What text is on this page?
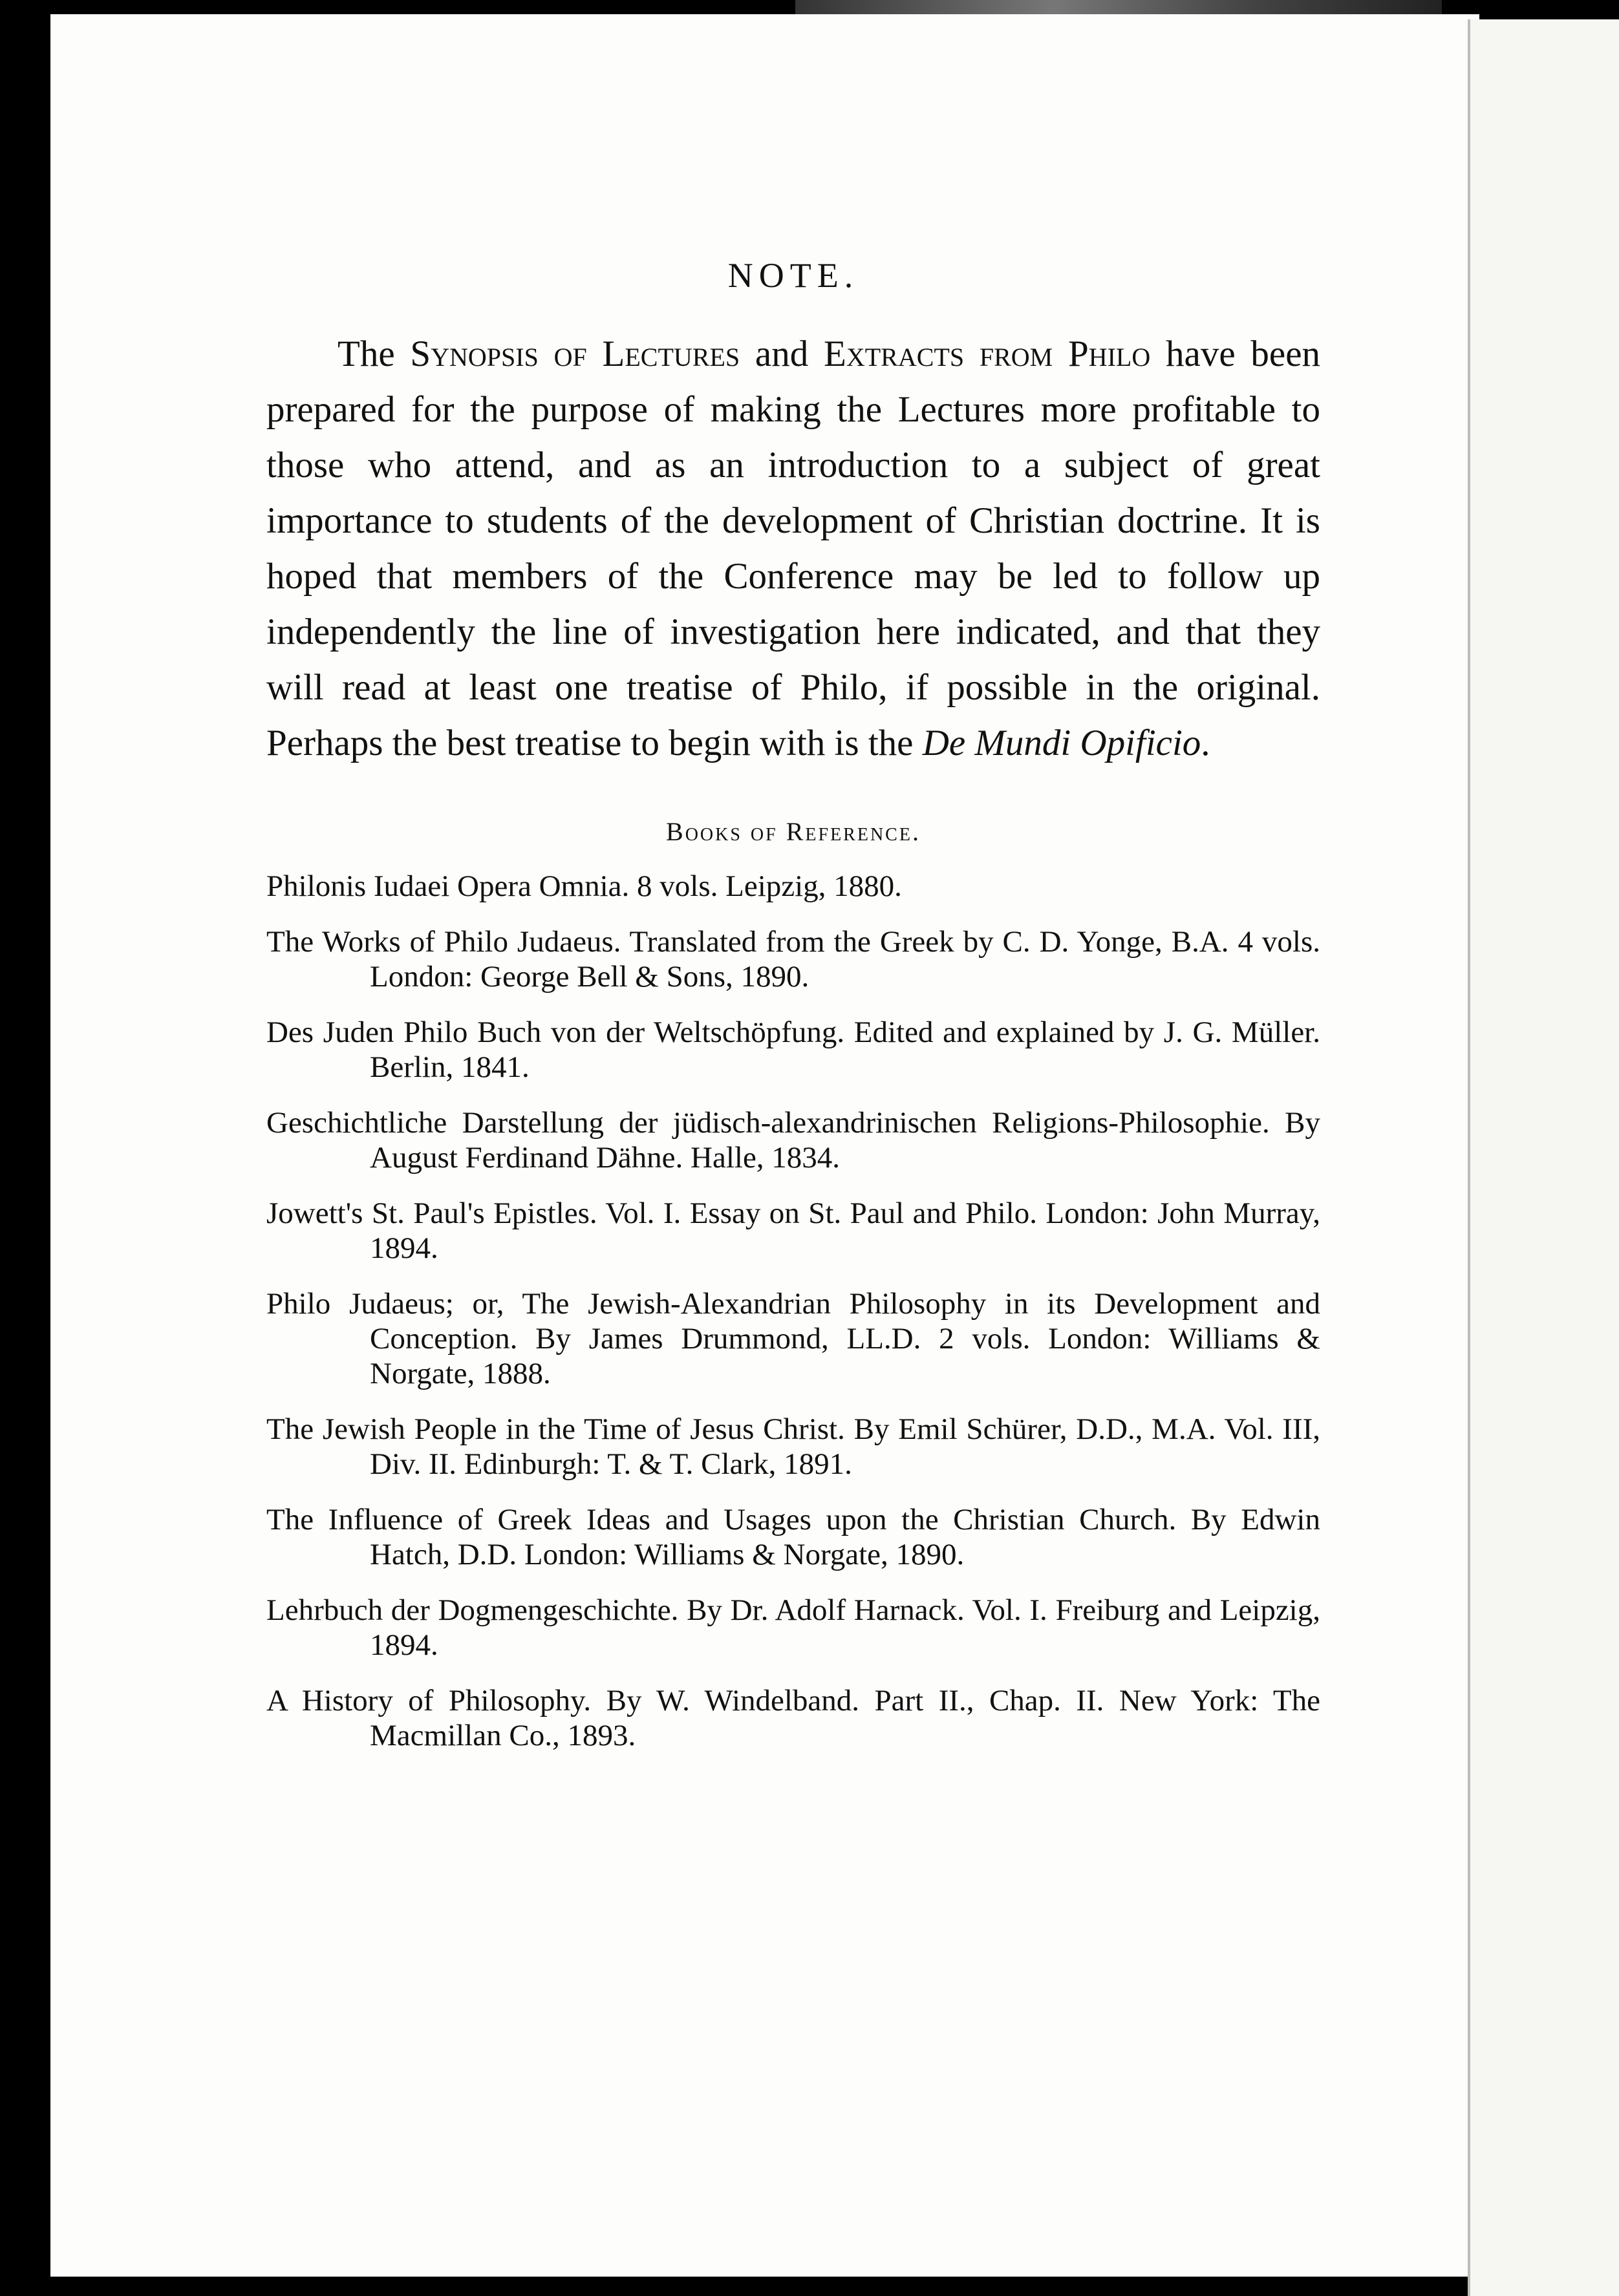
NOTE.

The Synopsis of Lectures and Extracts from Philo have been prepared for the purpose of making the Lectures more profitable to those who attend, and as an introduction to a subject of great importance to students of the development of Christian doctrine. It is hoped that members of the Conference may be led to follow up independently the line of investigation here indicated, and that they will read at least one treatise of Philo, if possible in the original. Perhaps the best treatise to begin with is the De Mundi Opificio.

Books of Reference.

Philonis Iudaei Opera Omnia. 8 vols. Leipzig, 1880.

The Works of Philo Judaeus. Translated from the Greek by C. D. Yonge, B.A. 4 vols. London: George Bell & Sons, 1890.

Des Juden Philo Buch von der Weltschöpfung. Edited and explained by J. G. Müller. Berlin, 1841.

Geschichtliche Darstellung der jüdisch-alexandrinischen Religions-Philosophie. By August Ferdinand Dähne. Halle, 1834.

Jowett's St. Paul's Epistles. Vol. I. Essay on St. Paul and Philo. London: John Murray, 1894.

Philo Judaeus; or, The Jewish-Alexandrian Philosophy in its Development and Conception. By James Drummond, LL.D. 2 vols. London: Williams & Norgate, 1888.

The Jewish People in the Time of Jesus Christ. By Emil Schürer, D.D., M.A. Vol. III, Div. II. Edinburgh: T. & T. Clark, 1891.

The Influence of Greek Ideas and Usages upon the Christian Church. By Edwin Hatch, D.D. London: Williams & Norgate, 1890.

Lehrbuch der Dogmengeschichte. By Dr. Adolf Harnack. Vol. I. Freiburg and Leipzig, 1894.

A History of Philosophy. By W. Windelband. Part II., Chap. II. New York: The Macmillan Co., 1893.
